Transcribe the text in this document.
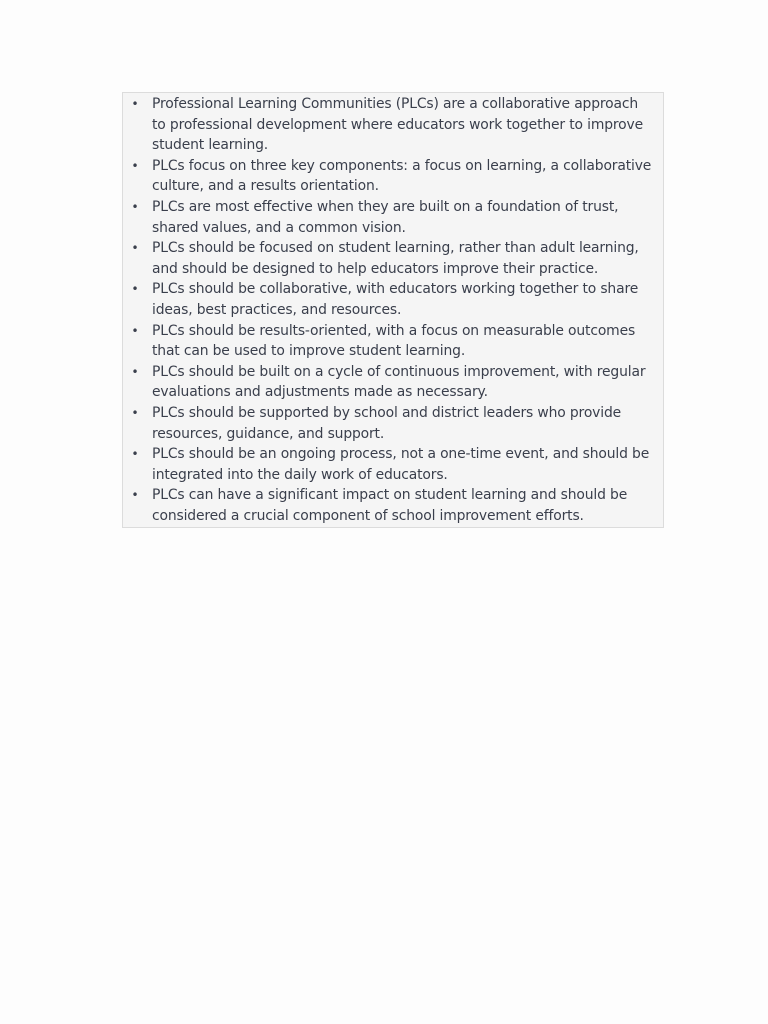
• Professional Learning Communities (PLCs) are a collaborative approach to professional development where educators work together to improve student learning.
• PLCs focus on three key components: a focus on learning, a collaborative culture, and a results orientation.
• PLCs are most effective when they are built on a foundation of trust, shared values, and a common vision.
• PLCs should be focused on student learning, rather than adult learning, and should be designed to help educators improve their practice.
• PLCs should be collaborative, with educators working together to share ideas, best practices, and resources.
• PLCs should be results-oriented, with a focus on measurable outcomes that can be used to improve student learning.
• PLCs should be built on a cycle of continuous improvement, with regular evaluations and adjustments made as necessary.
• PLCs should be supported by school and district leaders who provide resources, guidance, and support.
• PLCs should be an ongoing process, not a one-time event, and should be integrated into the daily work of educators.
• PLCs can have a significant impact on student learning and should be considered a crucial component of school improvement efforts.
